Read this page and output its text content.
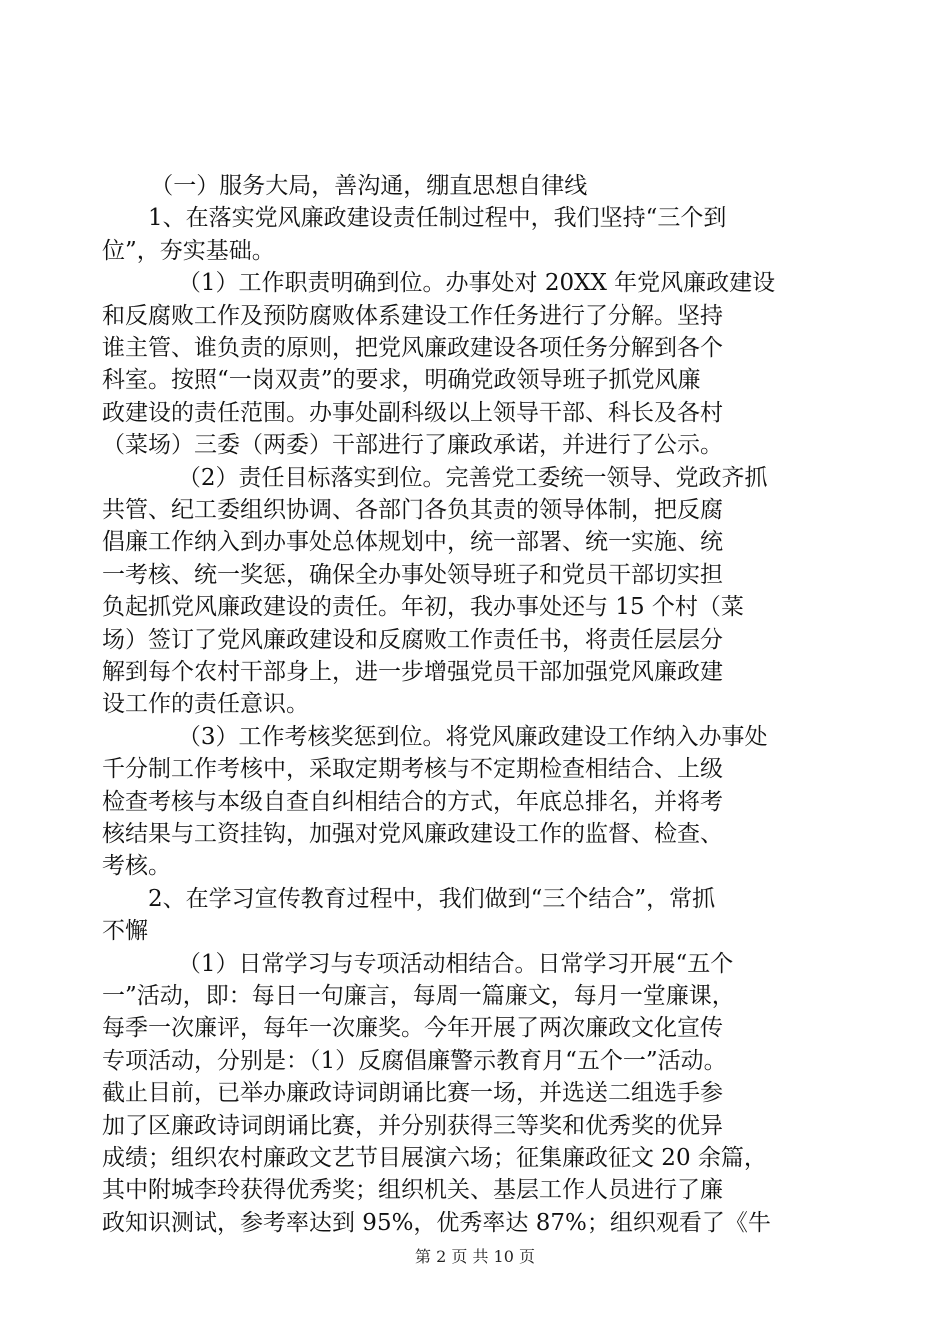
（一）服务大局，善沟通，绷直思想自律线
1、在落实党风廉政建设责任制过程中，我们坚持“三个到
位”，夯实基础。
（1）工作职责明确到位。办事处对 20XX 年党风廉政建设
和反腐败工作及预防腐败体系建设工作任务进行了分解。坚持
谁主管、谁负责的原则，把党风廉政建设各项任务分解到各个
科室。按照“一岗双责”的要求，明确党政领导班子抓党风廉
政建设的责任范围。办事处副科级以上领导干部、科长及各村
（菜场）三委（两委）干部进行了廉政承诺，并进行了公示。
（2）责任目标落实到位。完善党工委统一领导、党政齐抓
共管、纪工委组织协调、各部门各负其责的领导体制，把反腐
倡廉工作纳入到办事处总体规划中，统一部署、统一实施、统
一考核、统一奖惩，确保全办事处领导班子和党员干部切实担
负起抓党风廉政建设的责任。年初，我办事处还与 15 个村（菜
场）签订了党风廉政建设和反腐败工作责任书，将责任层层分
解到每个农村干部身上，进一步增强党员干部加强党风廉政建
设工作的责任意识。
（3）工作考核奖惩到位。将党风廉政建设工作纳入办事处
千分制工作考核中，采取定期考核与不定期检查相结合、上级
检查考核与本级自查自纠相结合的方式，年底总排名，并将考
核结果与工资挂钩，加强对党风廉政建设工作的监督、检查、
考核。
2、在学习宣传教育过程中，我们做到“三个结合”，常抓
不懈
（1）日常学习与专项活动相结合。日常学习开展“五个
一”活动，即：每日一句廉言，每周一篇廉文，每月一堂廉课，
每季一次廉评，每年一次廉奖。今年开展了两次廉政文化宣传
专项活动，分别是：（1）反腐倡廉警示教育月“五个一”活动。
截止目前，已举办廉政诗词朗诵比赛一场，并选送二组选手参
加了区廉政诗词朗诵比赛，并分别获得三等奖和优秀奖的优异
成绩；组织农村廉政文艺节目展演六场；征集廉政征文 20 余篇，
其中附城李玲获得优秀奖；组织机关、基层工作人员进行了廉
政知识测试，参考率达到 95%，优秀率达 87%；组织观看了《牛
第 2 页 共 10 页
